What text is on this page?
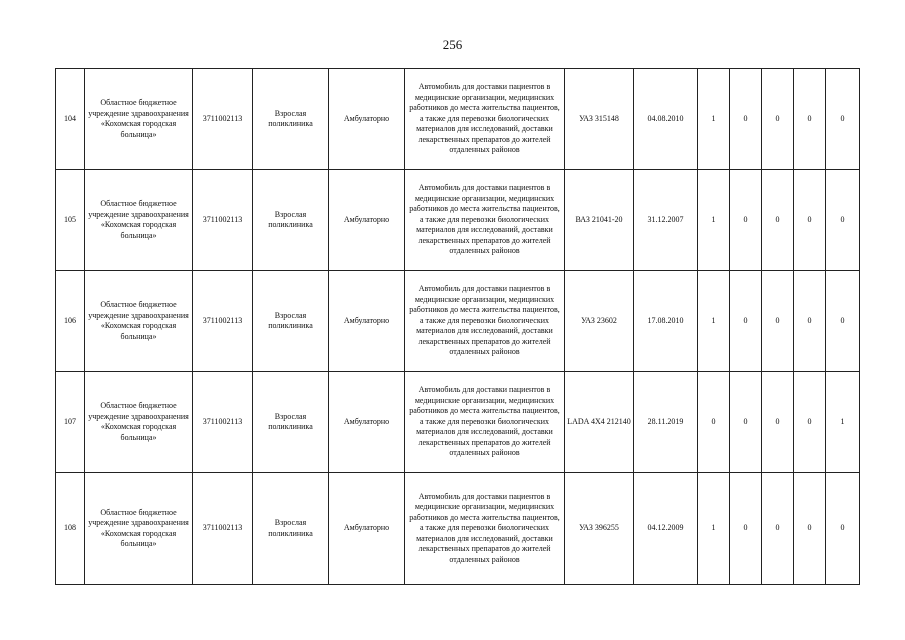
256
104	Областное бюджетное учреждение здравоохранения «Кохомская городская больница»	3711002113	Взрослая поликлиника	Амбулаторно	Автомобиль для доставки пациентов в медицинские организации, медицинских работников до места жительства пациентов, а также для перевозки биологических материалов для исследований, доставки лекарственных препаратов до жителей отдаленных районов	УАЗ 315148	04.08.2010	1	0	0	0	0
105	Областное бюджетное учреждение здравоохранения «Кохомская городская больница»	3711002113	Взрослая поликлиника	Амбулаторно	Автомобиль для доставки пациентов в медицинские организации, медицинских работников до места жительства пациентов, а также для перевозки биологических материалов для исследований, доставки лекарственных препаратов до жителей отдаленных районов	ВАЗ 21041-20	31.12.2007	1	0	0	0	0
106	Областное бюджетное учреждение здравоохранения «Кохомская городская больница»	3711002113	Взрослая поликлиника	Амбулаторно	Автомобиль для доставки пациентов в медицинские организации, медицинских работников до места жительства пациентов, а также для перевозки биологических материалов для исследований, доставки лекарственных препаратов до жителей отдаленных районов	УАЗ 23602	17.08.2010	1	0	0	0	0
107	Областное бюджетное учреждение здравоохранения «Кохомская городская больница»	3711002113	Взрослая поликлиника	Амбулаторно	Автомобиль для доставки пациентов в медицинские организации, медицинских работников до места жительства пациентов, а также для перевозки биологических материалов для исследований, доставки лекарственных препаратов до жителей отдаленных районов	LADA 4X4 212140	28.11.2019	0	0	0	0	1
108	Областное бюджетное учреждение здравоохранения «Кохомская городская больница»	3711002113	Взрослая поликлиника	Амбулаторно	Автомобиль для доставки пациентов в медицинские организации, медицинских работников до места жительства пациентов, а также для перевозки биологических материалов для исследований, доставки лекарственных препаратов до жителей отдаленных районов	УАЗ 396255	04.12.2009	1	0	0	0	0
